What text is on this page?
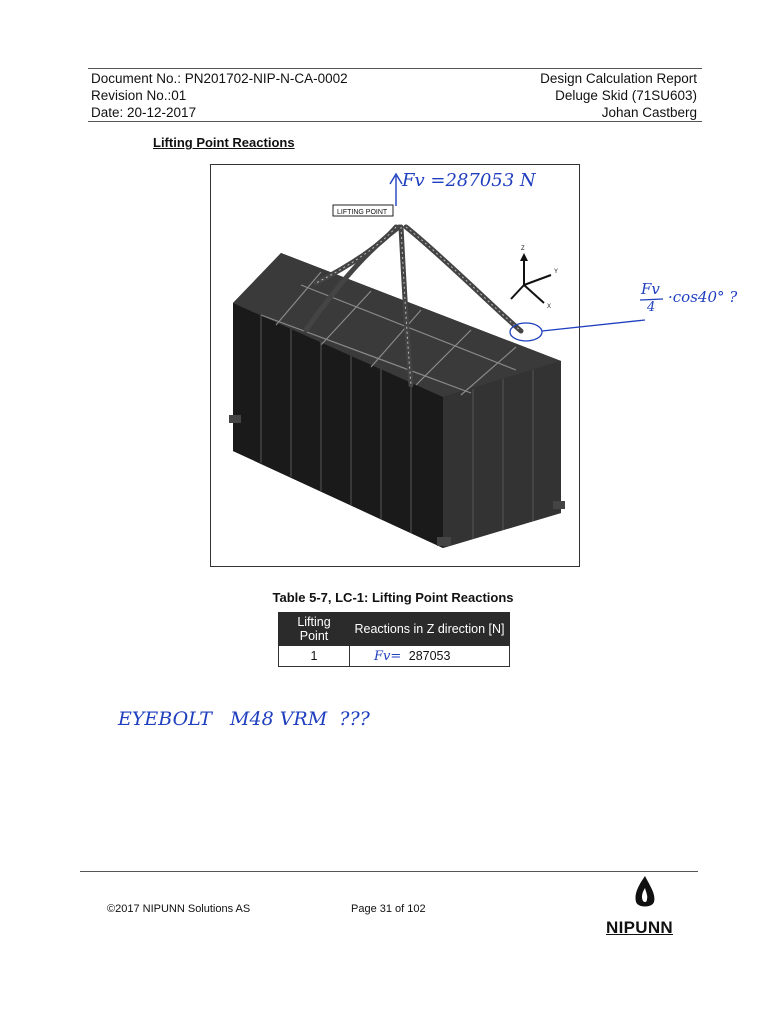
Document No.: PN201702-NIP-N-CA-0002
Revision No.:01
Date: 20-12-2017
Design Calculation Report
Deluge Skid (71SU603)
Johan Castberg
Lifting Point Reactions
LIFTING POINT
Z
Y
X
Fv =287053 N
Fv
4
·cos40° ?
EYEBOLT   M48 VRM  ???
Table 5-7, LC-1: Lifting Point Reactions
Lifting Point	Reactions in Z direction [N]
1	Fv= 287053
©2017 NIPUNN Solutions AS	Page 31 of 102
NIPUNN
